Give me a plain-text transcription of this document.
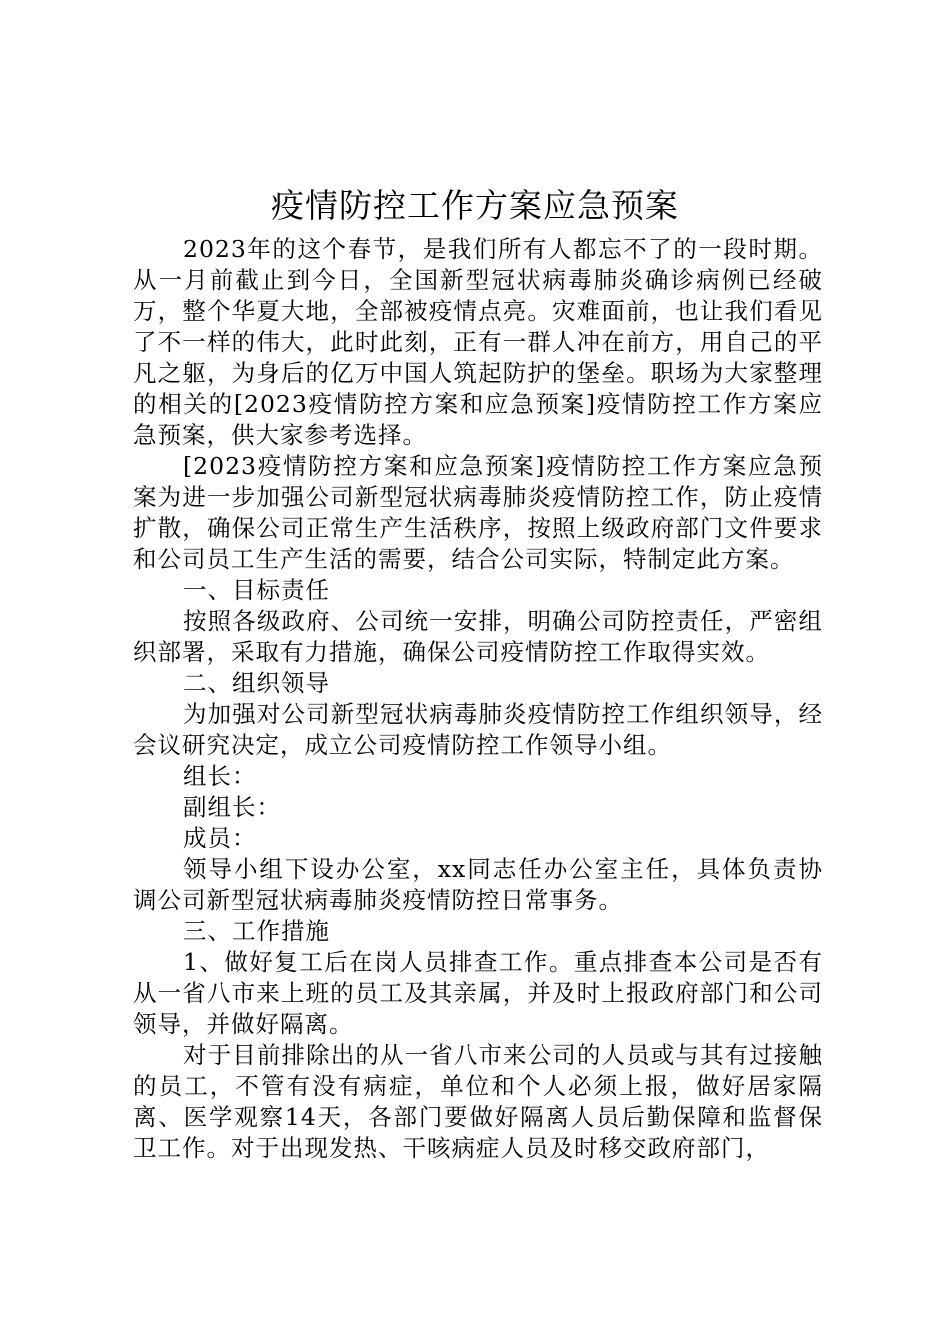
疫情防控工作方案应急预案

2023年的这个春节，是我们所有人都忘不了的一段时期。从一月前截止到今日，全国新型冠状病毒肺炎确诊病例已经破万，整个华夏大地，全部被疫情点亮。灾难面前，也让我们看见了不一样的伟大，此时此刻，正有一群人冲在前方，用自己的平凡之躯，为身后的亿万中国人筑起防护的堡垒。职场为大家整理的相关的[2023疫情防控方案和应急预案]疫情防控工作方案应急预案，供大家参考选择。

[2023疫情防控方案和应急预案]疫情防控工作方案应急预案为进一步加强公司新型冠状病毒肺炎疫情防控工作，防止疫情扩散，确保公司正常生产生活秩序，按照上级政府部门文件要求和公司员工生产生活的需要，结合公司实际，特制定此方案。

一、目标责任

按照各级政府、公司统一安排，明确公司防控责任，严密组织部署，采取有力措施，确保公司疫情防控工作取得实效。

二、组织领导

为加强对公司新型冠状病毒肺炎疫情防控工作组织领导，经会议研究决定，成立公司疫情防控工作领导小组。

组长：

副组长：

成员：

领导小组下设办公室，xx同志任办公室主任，具体负责协调公司新型冠状病毒肺炎疫情防控日常事务。

三、工作措施

1、做好复工后在岗人员排查工作。重点排查本公司是否有从一省八市来上班的员工及其亲属，并及时上报政府部门和公司领导，并做好隔离。

对于目前排除出的从一省八市来公司的人员或与其有过接触的员工，不管有没有病症，单位和个人必须上报，做好居家隔离、医学观察14天，各部门要做好隔离人员后勤保障和监督保卫工作。对于出现发热、干咳病症人员及时移交政府部门，
